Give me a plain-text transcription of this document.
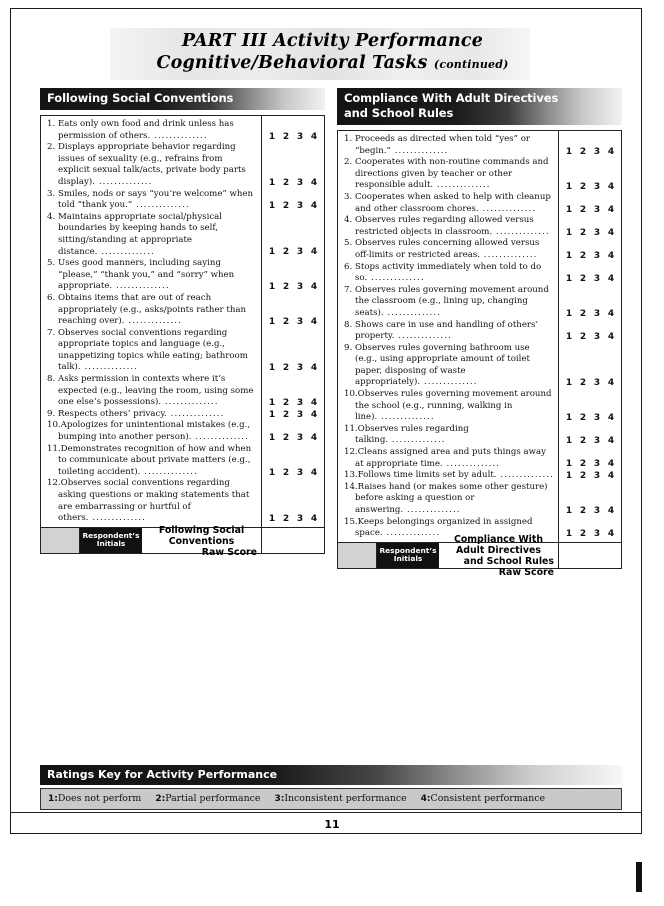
PART III Activity Performance
Cognitive/Behavioral Tasks (continued)
Following Social Conventions
1.Eats only own food and drink unless has permission of others. ..............
2.Displays appropriate behavior regarding issues of sexuality (e.g., refrains from explicit sexual talk/acts, private body parts display). ..............
3.Smiles, nods or says “you’re welcome” when told “thank you.” ..............
4.Maintains appropriate social/physical boundaries by keeping hands to self, sitting/standing at appropriate distance. ..............
5.Uses good manners, including saying “please,” “thank you,” and “sorry” when appropriate. ..............
6.Obtains items that are out of reach appropriately (e.g., asks/points rather than reaching over). ..............
7.Observes social conventions regarding appropriate topics and language (e.g., unappetizing topics while eating; bathroom talk). ..............
8.Asks permission in contexts where it’s expected (e.g., leaving the room, using some one else’s possessions). ..............
9.Respects others’ privacy. ..............
10.Apologizes for unintentional mistakes (e.g., bumping into another person). ..............
11.Demonstrates recognition of how and when to communicate about private matters (e.g., toileting accident). ..............
12.Observes social conventions regarding asking questions or making statements that are embarrassing or hurtful of others. ..............
1 2 3 4
1 2 3 4
1 2 3 4
1 2 3 4
1 2 3 4
1 2 3 4
1 2 3 4
1 2 3 4
1 2 3 4
1 2 3 4
1 2 3 4
1 2 3 4
Respondent’s
Initials
Following Social Conventions
Raw Score
Compliance With Adult Directives
and School Rules
1.Proceeds as directed when told “yes” or “begin.” ..............
2.Cooperates with non-routine commands and directions given by teacher or other responsible adult. ..............
3.Cooperates when asked to help with cleanup and other classroom chores. ..............
4.Observes rules regarding allowed versus restricted objects in classroom. ..............
5.Observes rules concerning allowed versus off-limits or restricted areas. ..............
6.Stops activity immediately when told to do so. ..............
7.Observes rules governing movement around the classroom (e.g., lining up, changing seats). ..............
8.Shows care in use and handling of others’ property. ..............
9.Observes rules governing bathroom use (e.g., using appropriate amount of toilet paper, disposing of waste appropriately). ..............
10.Observes rules governing movement around the school (e.g., running, walking in line). ..............
11.Observes rules regarding talking. ..............
12.Cleans assigned area and puts things away at appropriate time. ..............
13.Follows time limits set by adult. ..............
14.Raises hand (or makes some other gesture) before asking a question or answering. ..............
15.Keeps belongings organized in assigned space. ..............
1 2 3 4
1 2 3 4
1 2 3 4
1 2 3 4
1 2 3 4
1 2 3 4
1 2 3 4
1 2 3 4
1 2 3 4
1 2 3 4
1 2 3 4
1 2 3 4
1 2 3 4
1 2 3 4
1 2 3 4
Respondent’s
Initials
Compliance With Adult Directives
and School Rules Raw Score
Ratings Key for Activity Performance
1:Does not perform 2:Partial performance 3:Inconsistent performance 4:Consistent performance
11
